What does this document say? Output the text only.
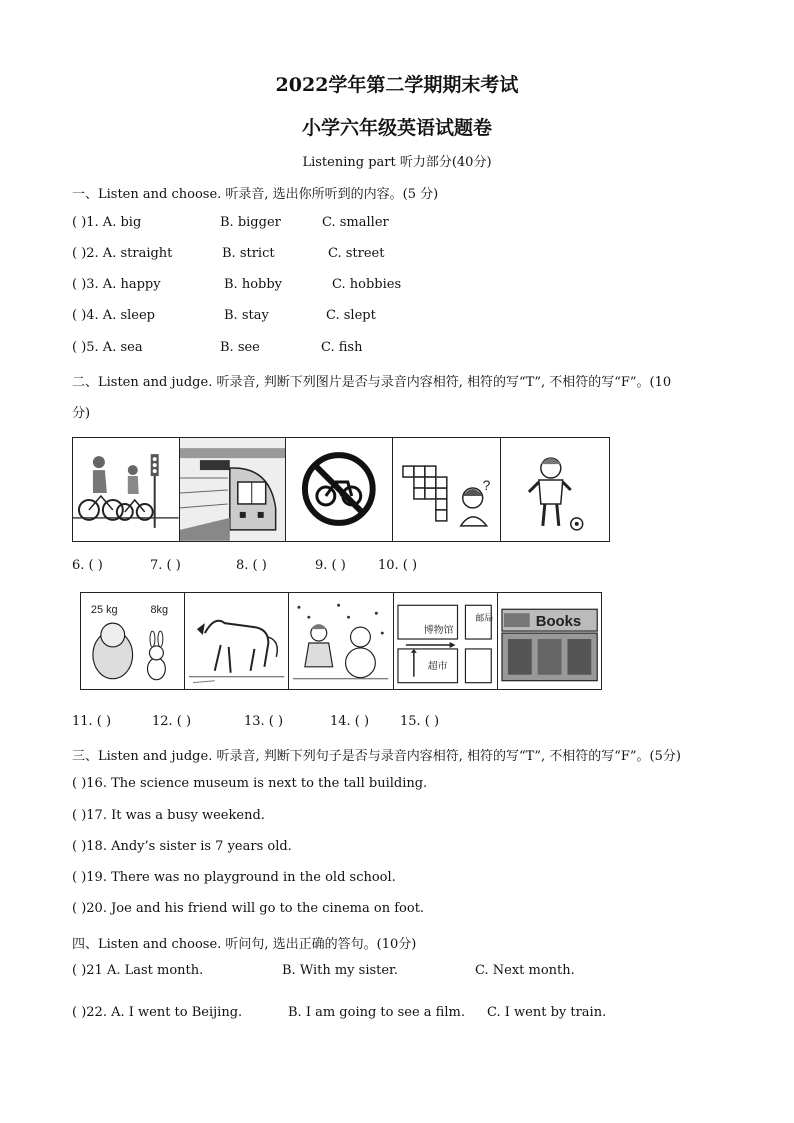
2022学年第二学期期末考试
小学六年级英语试题卷
Listening part 听力部分(40分)
一、Listen and choose. 听录音, 选出你所听到的内容。(5 分)
( )1. A. big	B. bigger	C. smaller
( )2. A. straight	B. strict	C. street
( )3. A. happy	B. hobby	C. hobbies
( )4. A. sleep	B. stay	C. slept
( )5. A. sea	B. see	C. fish
二、Listen and judge. 听录音, 判断下列图片是否与录音内容相符, 相符的写“T”, 不相符的写“F”。(10
分)
?
6. ( )	7. ( )	8. ( )	9. ( ) 10. ( )
25 kg	8kg
博物馆
邮局
超市
Books
11. ( )	12. ( )	13. ( )	14. ( ) 15. ( )
三、Listen and judge. 听录音, 判断下列句子是否与录音内容相符, 相符的写“T”, 不相符的写“F”。(5分)
( )16. The science museum is next to the tall building.
( )17. It was a busy weekend.
( )18. Andy’s sister is 7 years old.
( )19. There was no playground in the old school.
( )20. Joe and his friend will go to the cinema on foot.
四、Listen and choose. 听问句, 选出正确的答句。(10分)
( )21 A. Last month.	B. With my sister.	C. Next month.
( )22. A. I went to Beijing.	B. I am going to see a film. C. I went by train.
